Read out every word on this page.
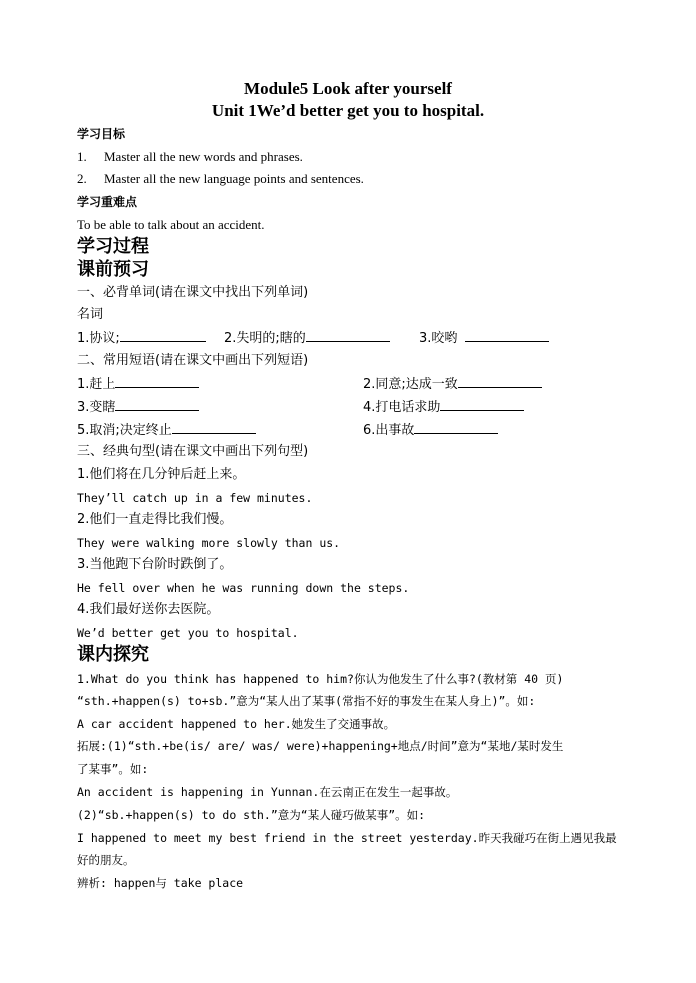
Module5 Look after yourself
Unit 1We’d better get you to hospital.
学习目标
1. Master all the new words and phrases.
2. Master all the new language points and sentences.
学习重难点
To be able to talk about an accident.
学习过程
课前预习
一、必背单词(请在课文中找出下列单词)
名词
1.协议;	2.失明的;瞎的	3.咬哟
二、常用短语(请在课文中画出下列短语)
1.赶上	2.同意;达成一致
3.变瞎	4.打电话求助
5.取消;决定终止	6.出事故
三、经典句型(请在课文中画出下列句型)
1.他们将在几分钟后赶上来。
They’ll catch up in a few minutes.
2.他们一直走得比我们慢。
They were walking more slowly than us.
3.当他跑下台阶时跌倒了。
He fell over when he was running down the steps.
4.我们最好送你去医院。
We’d better get you to hospital.
课内探究
1.What do you think has happened to him?你认为他发生了什么事?(教材第 40 页)
“sth.+happen(s) to+sb.”意为“某人出了某事(常指不好的事发生在某人身上)”。如:
A car accident happened to her.她发生了交通事故。
拓展:(1)“sth.+be(is/ are/ was/ were)+happening+地点/时间”意为“某地/某时发生
了某事”。如:
An accident is happening in Yunnan.在云南正在发生一起事故。
(2)“sb.+happen(s) to do sth.”意为“某人碰巧做某事”。如:
I happened to meet my best friend in the street yesterday.昨天我碰巧在街上遇见我最
好的朋友。
辨析: happen与 take place
